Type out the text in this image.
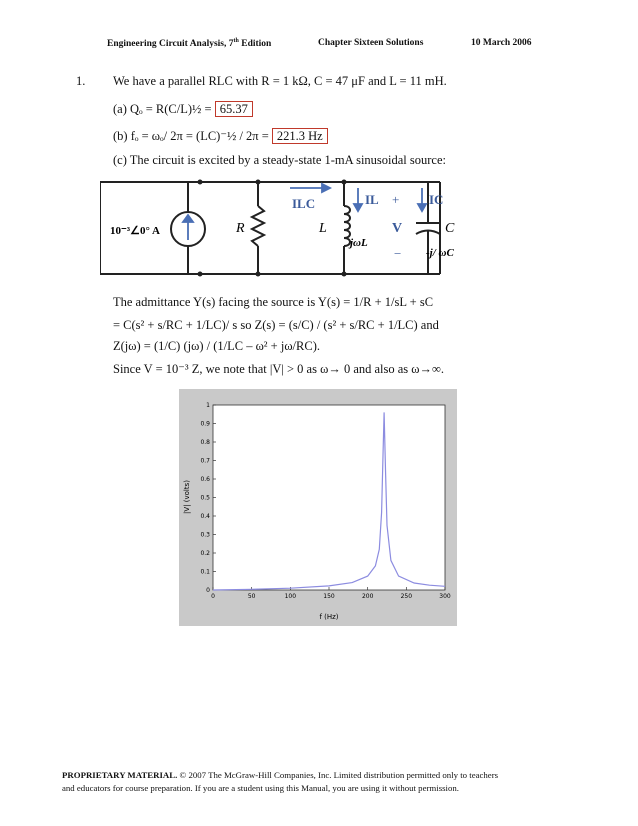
Engineering Circuit Analysis, 7th Edition	Chapter Sixteen Solutions	10 March 2006
1. We have a parallel RLC with R = 1 kΩ, C = 47 μF and L = 11 mH.
(a) Qₒ = R(C/L)½ = 65.37
(b) fₒ = ωₒ/ 2π = (LC)⁻½ / 2π = 221.3 Hz
(c) The circuit is excited by a steady-state 1-mA sinusoidal source:
10⁻³∠0° A	R	L	C
ILC	IL	IC
+
V
−
jωL
-j/ ωC
The admittance Y(s) facing the source is Y(s) = 1/R + 1/sL + sC
= C(s² + s/RC + 1/LC)/ s so Z(s) = (s/C) / (s² + s/RC + 1/LC) and
Z(jω) = (1/C) (jω) / (1/LC – ω² + jω/RC).
Since V = 10⁻³ Z, we note that |V| > 0 as ω→ 0 and also as ω→∞.
0	50	100	150	200	250	300
0
0.1
0.2
0.3
0.4
0.5
0.6
0.7
0.8
0.9
1
f (Hz)
|V| (volts)
PROPRIETARY MATERIAL. © 2007 The McGraw-Hill Companies, Inc. Limited distribution permitted only to teachers
and educators for course preparation. If you are a student using this Manual, you are using it without permission.
